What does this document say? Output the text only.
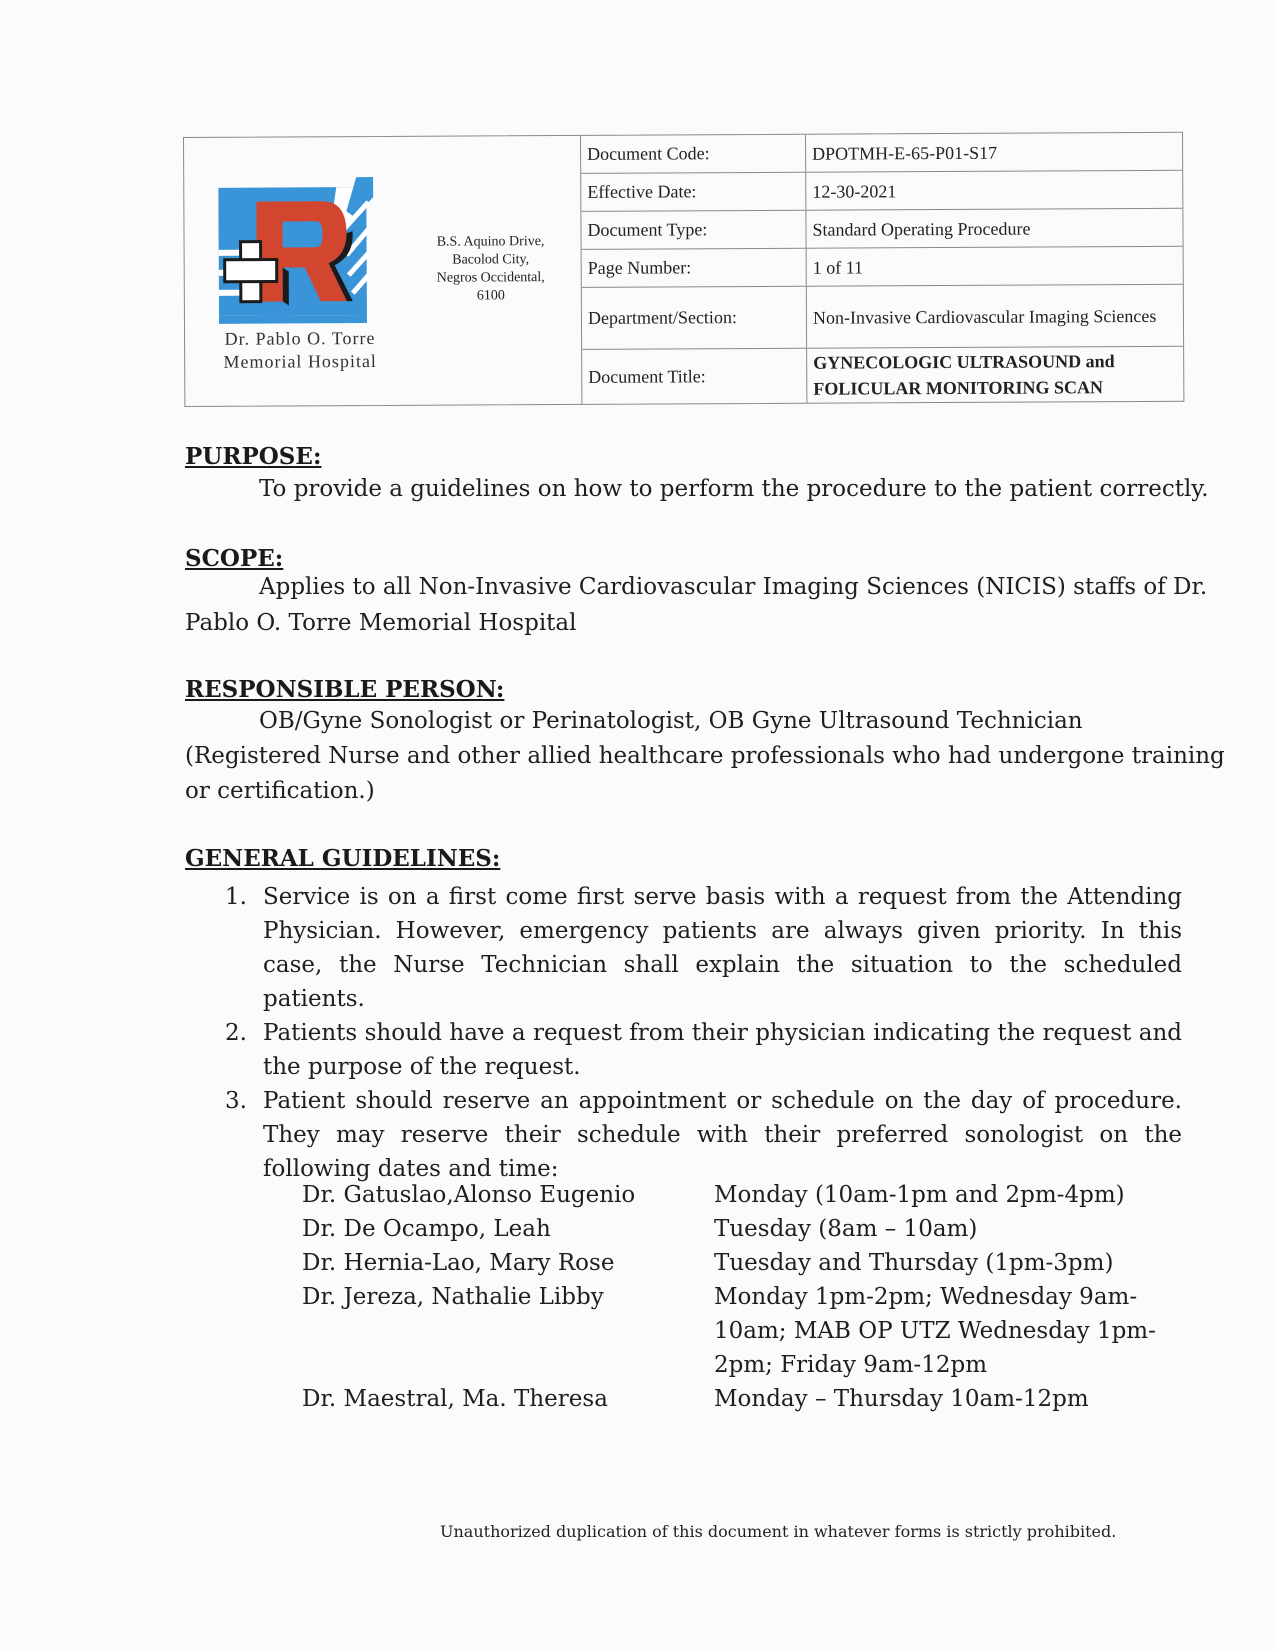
Dr. Pablo O. Torre
Memorial Hospital
B.S. Aquino Drive,
Bacolod City,
Negros Occidental,
6100
Document Code:	DPOTMH-E-65-P01-S17
Effective Date:	12-30-2021
Document Type:	Standard Operating Procedure
Page Number:	1 of 11
Department/Section:	Non-Invasive Cardiovascular Imaging Sciences
Document Title:
GYNECOLOGIC ULTRASOUND and
FOLICULAR MONITORING SCAN
PURPOSE:
To provide a guidelines on how to perform the procedure to the patient correctly.
SCOPE:
Applies to all Non-Invasive Cardiovascular Imaging Sciences (NICIS) staffs of Dr.
Pablo O. Torre Memorial Hospital
RESPONSIBLE PERSON:
OB/Gyne Sonologist or Perinatologist, OB Gyne Ultrasound Technician
(Registered Nurse and other allied healthcare professionals who had undergone training
or certification.)
GENERAL GUIDELINES:
1. Service is on a first come first serve basis with a request from the Attending Physician. However, emergency patients are always given priority. In this case, the Nurse Technician shall explain the situation to the scheduled patients.
2. Patients should have a request from their physician indicating the request and the purpose of the request.
3. Patient should reserve an appointment or schedule on the day of procedure. They may reserve their schedule with their preferred sonologist on the following dates and time:
Dr. Gatuslao,Alonso Eugenio	Monday (10am-1pm and 2pm-4pm)
Dr. De Ocampo, Leah	Tuesday (8am – 10am)
Dr. Hernia-Lao, Mary Rose	Tuesday and Thursday (1pm-3pm)
Dr. Jereza, Nathalie Libby	Monday 1pm-2pm; Wednesday 9am-
10am; MAB OP UTZ Wednesday 1pm-
2pm; Friday 9am-12pm
Dr. Maestral, Ma. Theresa	Monday – Thursday 10am-12pm
Unauthorized duplication of this document in whatever forms is strictly prohibited.
